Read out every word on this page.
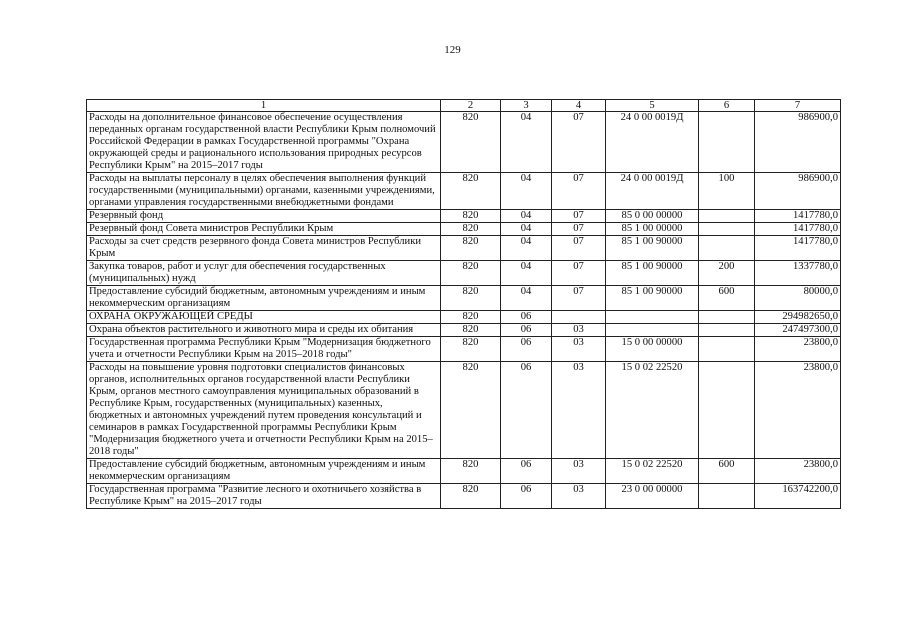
129
1	2	3	4	5	6	7
Расходы на дополнительное финансовое обеспечение осуществления переданных органам государственной власти Республики Крым полномочий Российской Федерации в рамках Государственной программы "Охрана окружающей среды и рационального использования природных ресурсов Республики Крым" на 2015–2017 годы	820	04	07	24 0 00 0019Д		986900,0
Расходы на выплаты персоналу в целях обеспечения выполнения функций государственными (муниципальными) органами, казенными учреждениями, органами управления государственными внебюджетными фондами	820	04	07	24 0 00 0019Д	100	986900,0
Резервный фонд	820	04	07	85 0 00 00000		1417780,0
Резервный фонд Совета министров Республики Крым	820	04	07	85 1 00 00000		1417780,0
Расходы за счет средств резервного фонда Совета министров Республики Крым	820	04	07	85 1 00 90000		1417780,0
Закупка товаров, работ и услуг для обеспечения государственных (муниципальных) нужд	820	04	07	85 1 00 90000	200	1337780,0
Предоставление субсидий бюджетным, автономным учреждениям и иным некоммерческим организациям	820	04	07	85 1 00 90000	600	80000,0
ОХРАНА ОКРУЖАЮЩЕЙ СРЕДЫ	820	06				294982650,0
Охрана объектов растительного и животного мира и среды их обитания	820	06	03			247497300,0
Государственная программа Республики Крым "Модернизация бюджетного учета и отчетности Республики Крым на 2015–2018 годы"	820	06	03	15 0 00 00000		23800,0
Расходы на повышение уровня подготовки специалистов финансовых органов, исполнительных органов государственной власти Республики Крым, органов местного самоуправления муниципальных образований в Республике Крым, государственных (муниципальных) казенных, бюджетных и автономных учреждений путем проведения консультаций и семинаров в рамках Государственной программы Республики Крым "Модернизация бюджетного учета и отчетности Республики Крым на 2015–2018 годы"	820	06	03	15 0 02 22520		23800,0
Предоставление субсидий бюджетным, автономным учреждениям и иным некоммерческим организациям	820	06	03	15 0 02 22520	600	23800,0
Государственная программа "Развитие лесного и охотничьего хозяйства в Республике Крым" на 2015–2017 годы	820	06	03	23 0 00 00000		163742200,0
